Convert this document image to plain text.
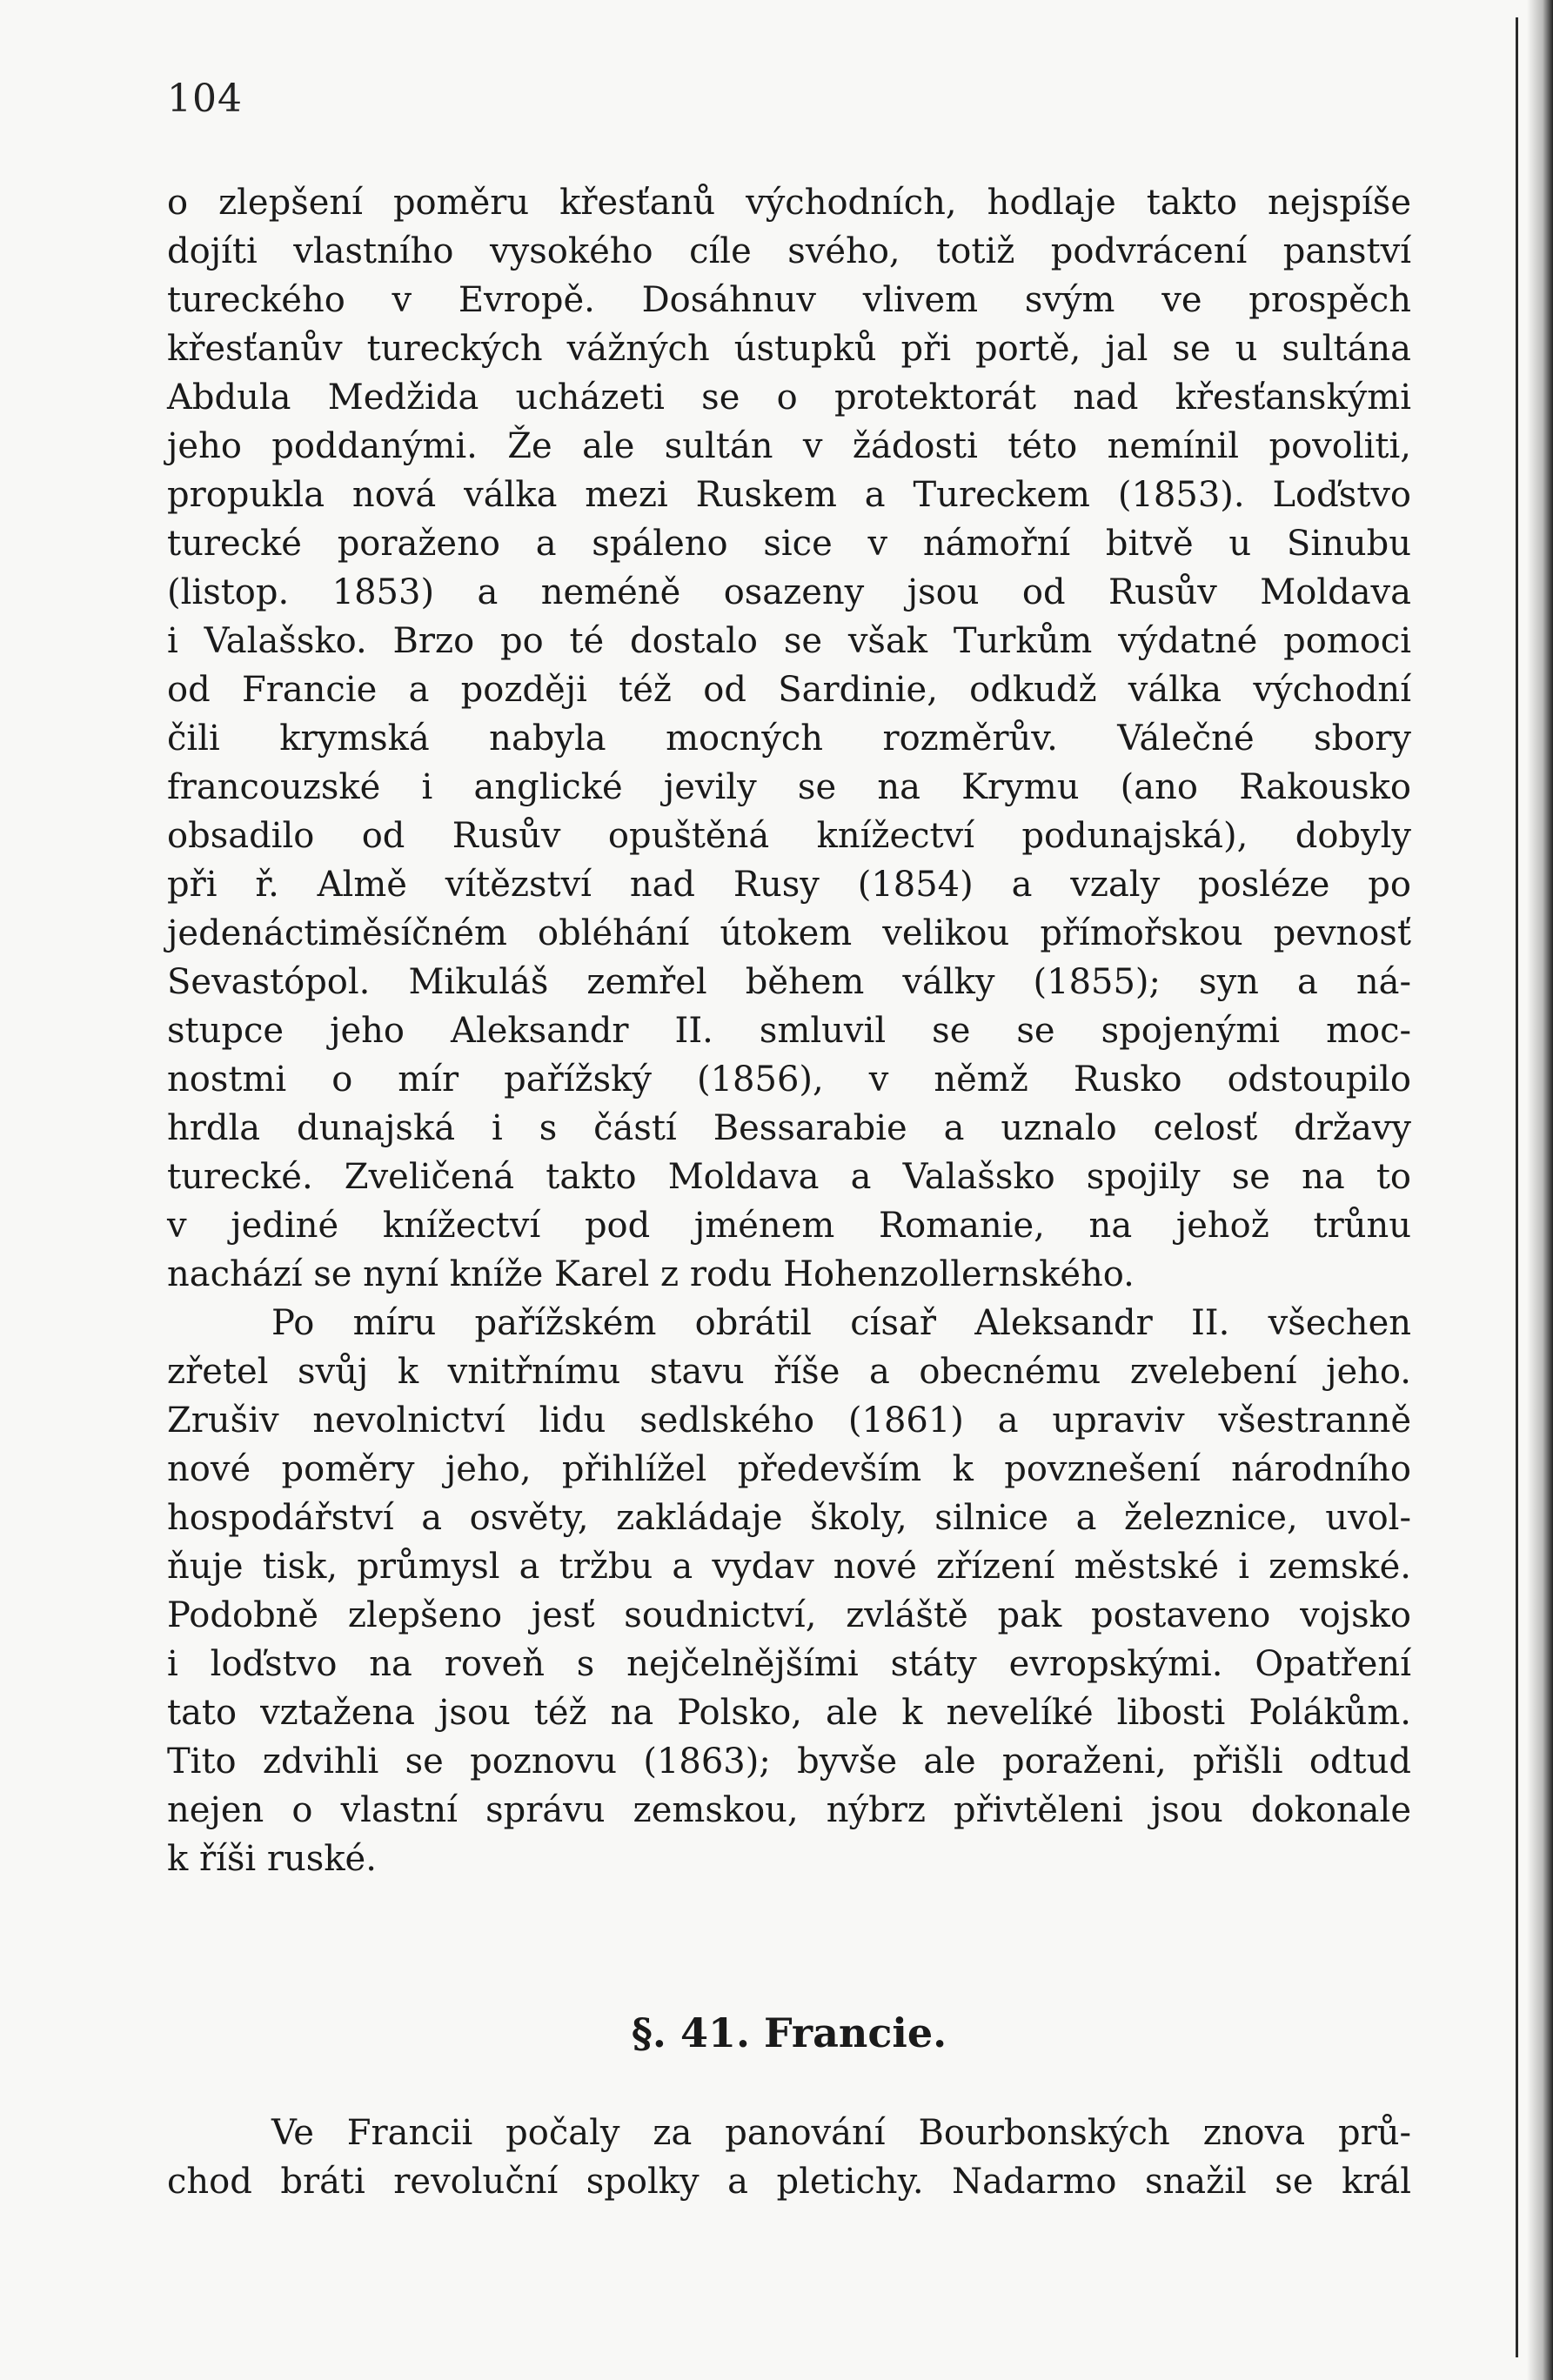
104
o zlepšení poměru křesťanů východních, hodlaje takto nejspíše
dojíti vlastního vysokého cíle svého, totiž podvrácení panství
tureckého v Evropě. Dosáhnuv vlivem svým ve prospěch
křesťanův tureckých vážných ústupků při portě, jal se u sultána
Abdula Medžida ucházeti se o protektorát nad křesťanskými
jeho poddanými. Že ale sultán v žádosti této nemínil povoliti,
propukla nová válka mezi Ruskem a Tureckem (1853). Loďstvo
turecké poraženo a spáleno sice v námořní bitvě u Sinubu
(listop. 1853) a neméně osazeny jsou od Rusův Moldava
i Valašsko. Brzo po té dostalo se však Turkům výdatné pomoci
od Francie a později též od Sardinie, odkudž válka východní
čili krymská nabyla mocných rozměrův. Válečné sbory
francouzské i anglické jevily se na Krymu (ano Rakousko
obsadilo od Rusův opuštěná knížectví podunajská), dobyly
při ř. Almě vítězství nad Rusy (1854) a vzaly posléze po
jedenáctiměsíčném obléhání útokem velikou přímořskou pevnosť
Sevastópol. Mikuláš zemřel během války (1855); syn a ná-
stupce jeho Aleksandr II. smluvil se se spojenými moc-
nostmi o mír pařížský (1856), v němž Rusko odstoupilo
hrdla dunajská i s částí Bessarabie a uznalo celosť državy
turecké. Zveličená takto Moldava a Valašsko spojily se na to
v jediné knížectví pod jménem Romanie, na jehož trůnu
nachází se nyní kníže Karel z rodu Hohenzollernského.
Po míru pařížském obrátil císař Aleksandr II. všechen
zřetel svůj k vnitřnímu stavu říše a obecnému zvelebení jeho.
Zrušiv nevolnictví lidu sedlského (1861) a upraviv všestranně
nové poměry jeho, přihlížel především k povznešení národního
hospodářství a osvěty, zakládaje školy, silnice a železnice, uvol-
ňuje tisk, průmysl a tržbu a vydav nové zřízení městské i zemské.
Podobně zlepšeno jesť soudnictví, zvláště pak postaveno vojsko
i loďstvo na roveň s nejčelnějšími státy evropskými. Opatření
tato vztažena jsou též na Polsko, ale k nevelíké libosti Polákům.
Tito zdvihli se poznovu (1863); byvše ale poraženi, přišli odtud
nejen o vlastní správu zemskou, nýbrz přivtěleni jsou dokonale
k říši ruské.
§. 41. Francie.
Ve Francii počaly za panování Bourbonských znova prů-
chod bráti revoluční spolky a pletichy. Nadarmo snažil se král
